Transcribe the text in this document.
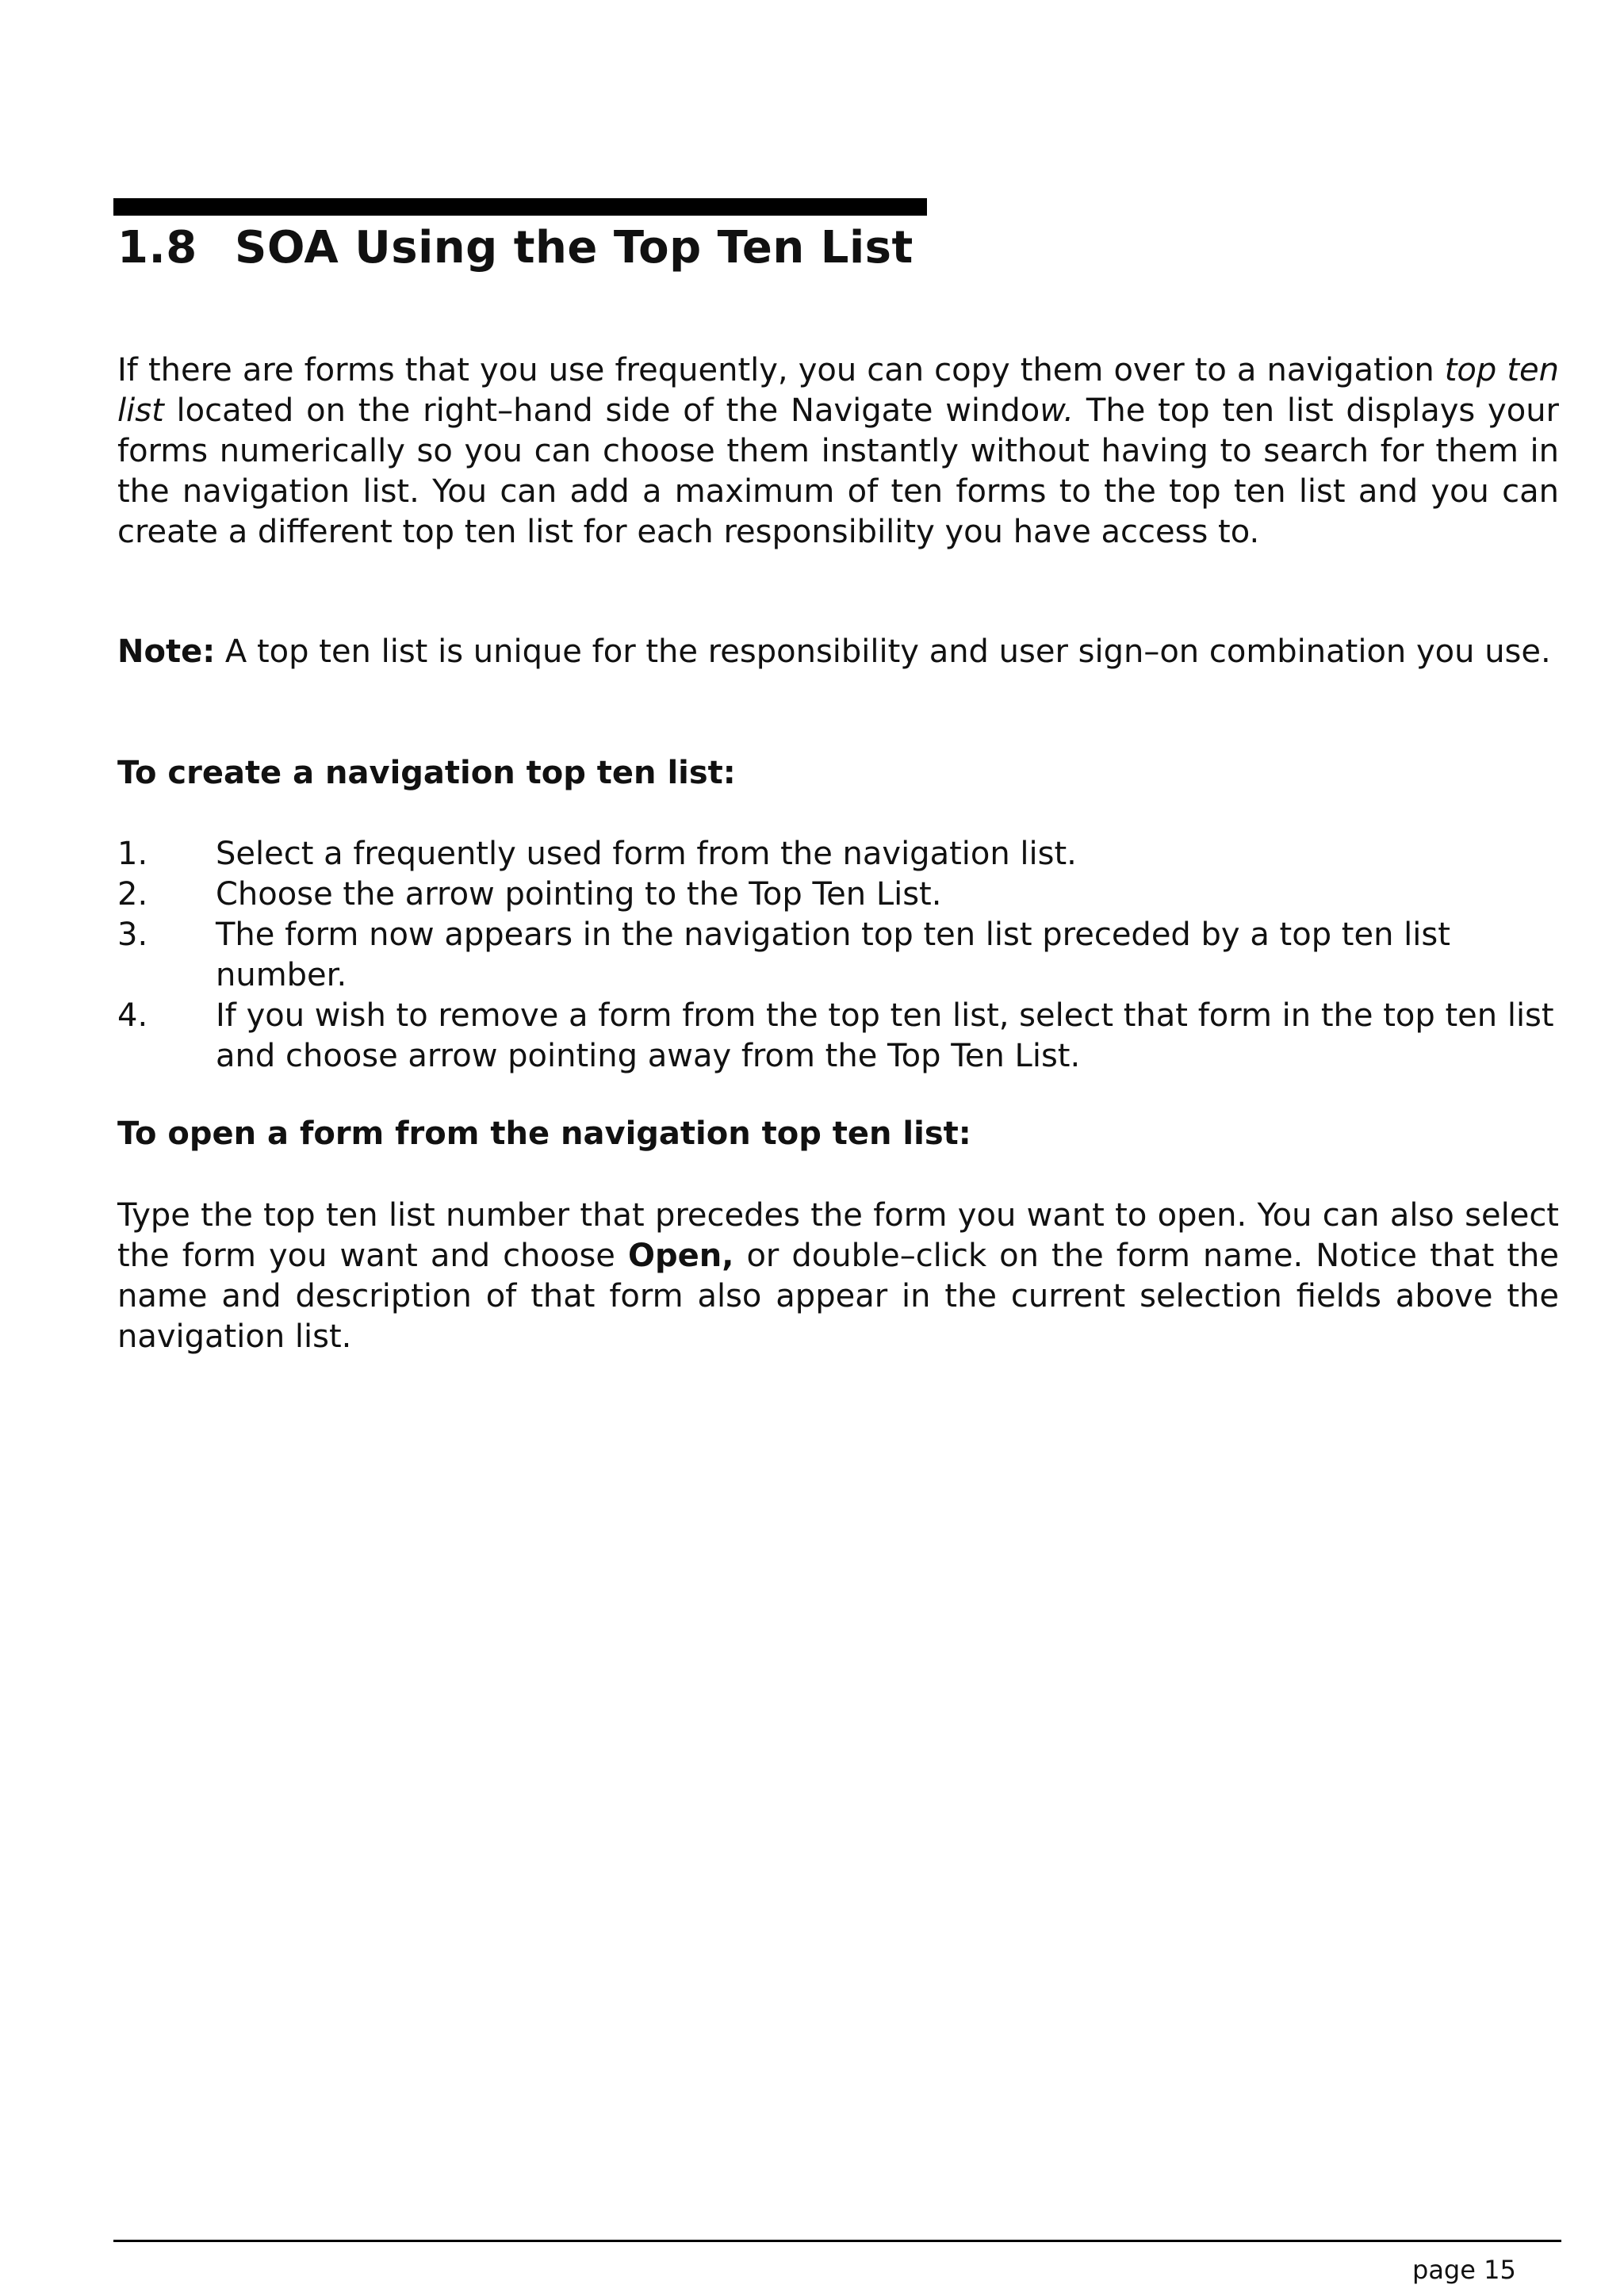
1.8 SOA Using the Top Ten List

If there are forms that you use frequently, you can copy them over to a navigation top ten list located on the right–hand side of the Navigate window. The top ten list displays your forms numerically so you can choose them instantly without having to search for them in the navigation list. You can add a maximum of ten forms to the top ten list and you can create a different top ten list for each responsibility you have access to.

Note: A top ten list is unique for the responsibility and user sign–on combination you use.

To create a navigation top ten list:
1. Select a frequently used form from the navigation list.
2. Choose the arrow pointing to the Top Ten List.
3. The form now appears in the navigation top ten list preceded by a top ten list number.
4. If you wish to remove a form from the top ten list, select that form in the top ten list and choose arrow pointing away from the Top Ten List.
To open a form from the navigation top ten list:

Type the top ten list number that precedes the form you want to open. You can also select the form you want and choose Open, or double–click on the form name. Notice that the name and description of that form also appear in the current selection fields above the navigation list.

page 15
